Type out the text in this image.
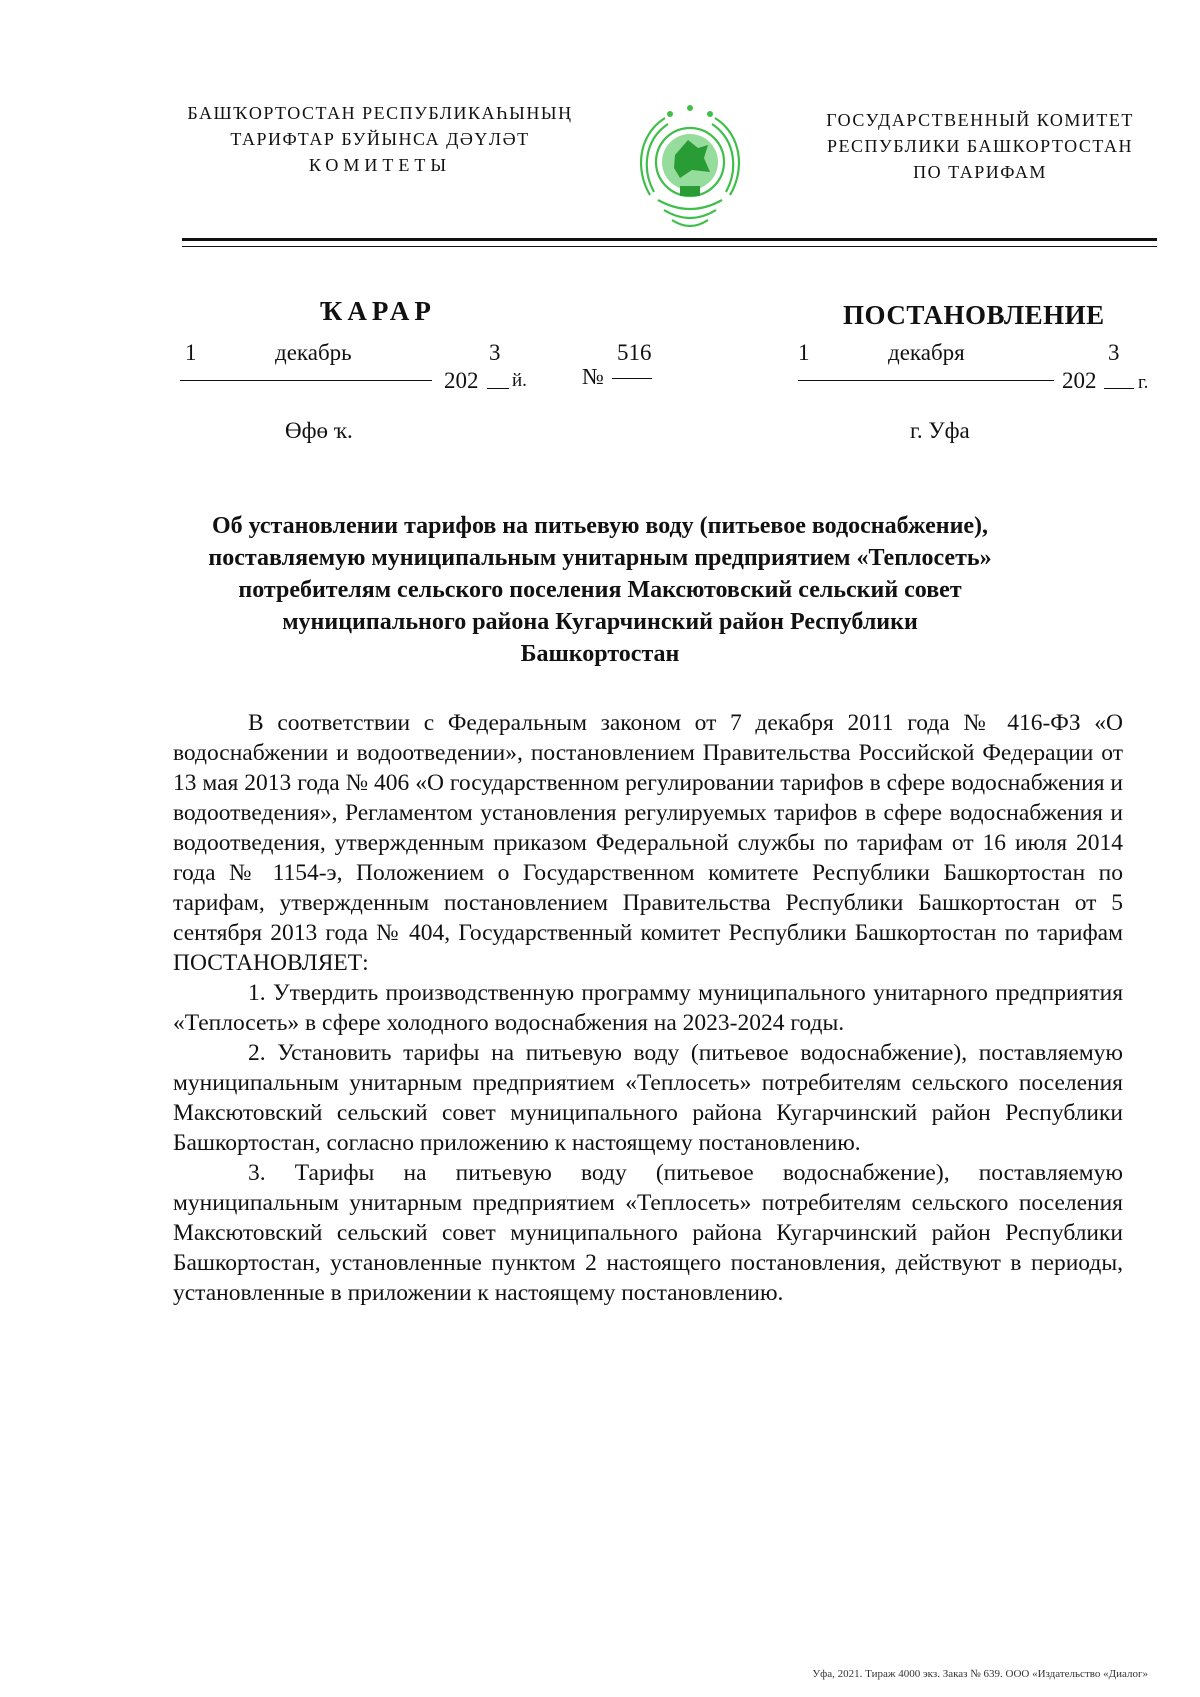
БАШҠОРТОСТАН РЕСПУБЛИКАҺЫНЫҢ
ТАРИФТАР БУЙЫНСА ДӘҮЛӘТ
КОМИТЕТЫ
ГОСУДАРСТВЕННЫЙ КОМИТЕТ
РЕСПУБЛИКИ БАШКОРТОСТАН
ПО ТАРИФАМ
ҠАРАР
1	декабрь
202
3
й. №
516
Өфө ҡ.
ПОСТАНОВЛЕНИЕ
1	декабря
202
3
г.
г. Уфа
Об установлении тарифов на питьевую воду (питьевое водоснабжение),
поставляемую муниципальным унитарным предприятием «Теплосеть»
потребителям сельского поселения Максютовский сельский совет
муниципального района Кугарчинский район Республики
Башкортостан

В соответствии с Федеральным законом от 7 декабря 2011 года № 416-ФЗ «О водоснабжении и водоотведении», постановлением Правительства Российской Федерации от 13 мая 2013 года № 406 «О государственном регулировании тарифов в сфере водоснабжения и водоотведения», Регламентом установления регулируемых тарифов в сфере водоснабжения и водоотведения, утвержденным приказом Федеральной службы по тарифам от 16 июля 2014 года № 1154-э, Положением о Государственном комитете Республики Башкортостан по тарифам, утвержденным постановлением Правительства Республики Башкортостан от 5 сентября 2013 года № 404, Государственный комитет Республики Башкортостан по тарифам ПОСТАНОВЛЯЕТ:

1. Утвердить производственную программу муниципального унитарного предприятия «Теплосеть» в сфере холодного водоснабжения на 2023-2024 годы.

2. Установить тарифы на питьевую воду (питьевое водоснабжение), поставляемую муниципальным унитарным предприятием «Теплосеть» потребителям сельского поселения Максютовский сельский совет муниципального района Кугарчинский район Республики Башкортостан, согласно приложению к настоящему постановлению.

3. Тарифы на питьевую воду (питьевое водоснабжение), поставляемую муниципальным унитарным предприятием «Теплосеть» потребителям сельского поселения Максютовский сельский совет муниципального района Кугарчинский район Республики Башкортостан, установленные пунктом 2 настоящего постановления, действуют в периоды, установленные в приложении к настоящему постановлению.

Уфа, 2021. Тираж 4000 экз. Заказ № 639. ООО «Издательство «Диалог»
